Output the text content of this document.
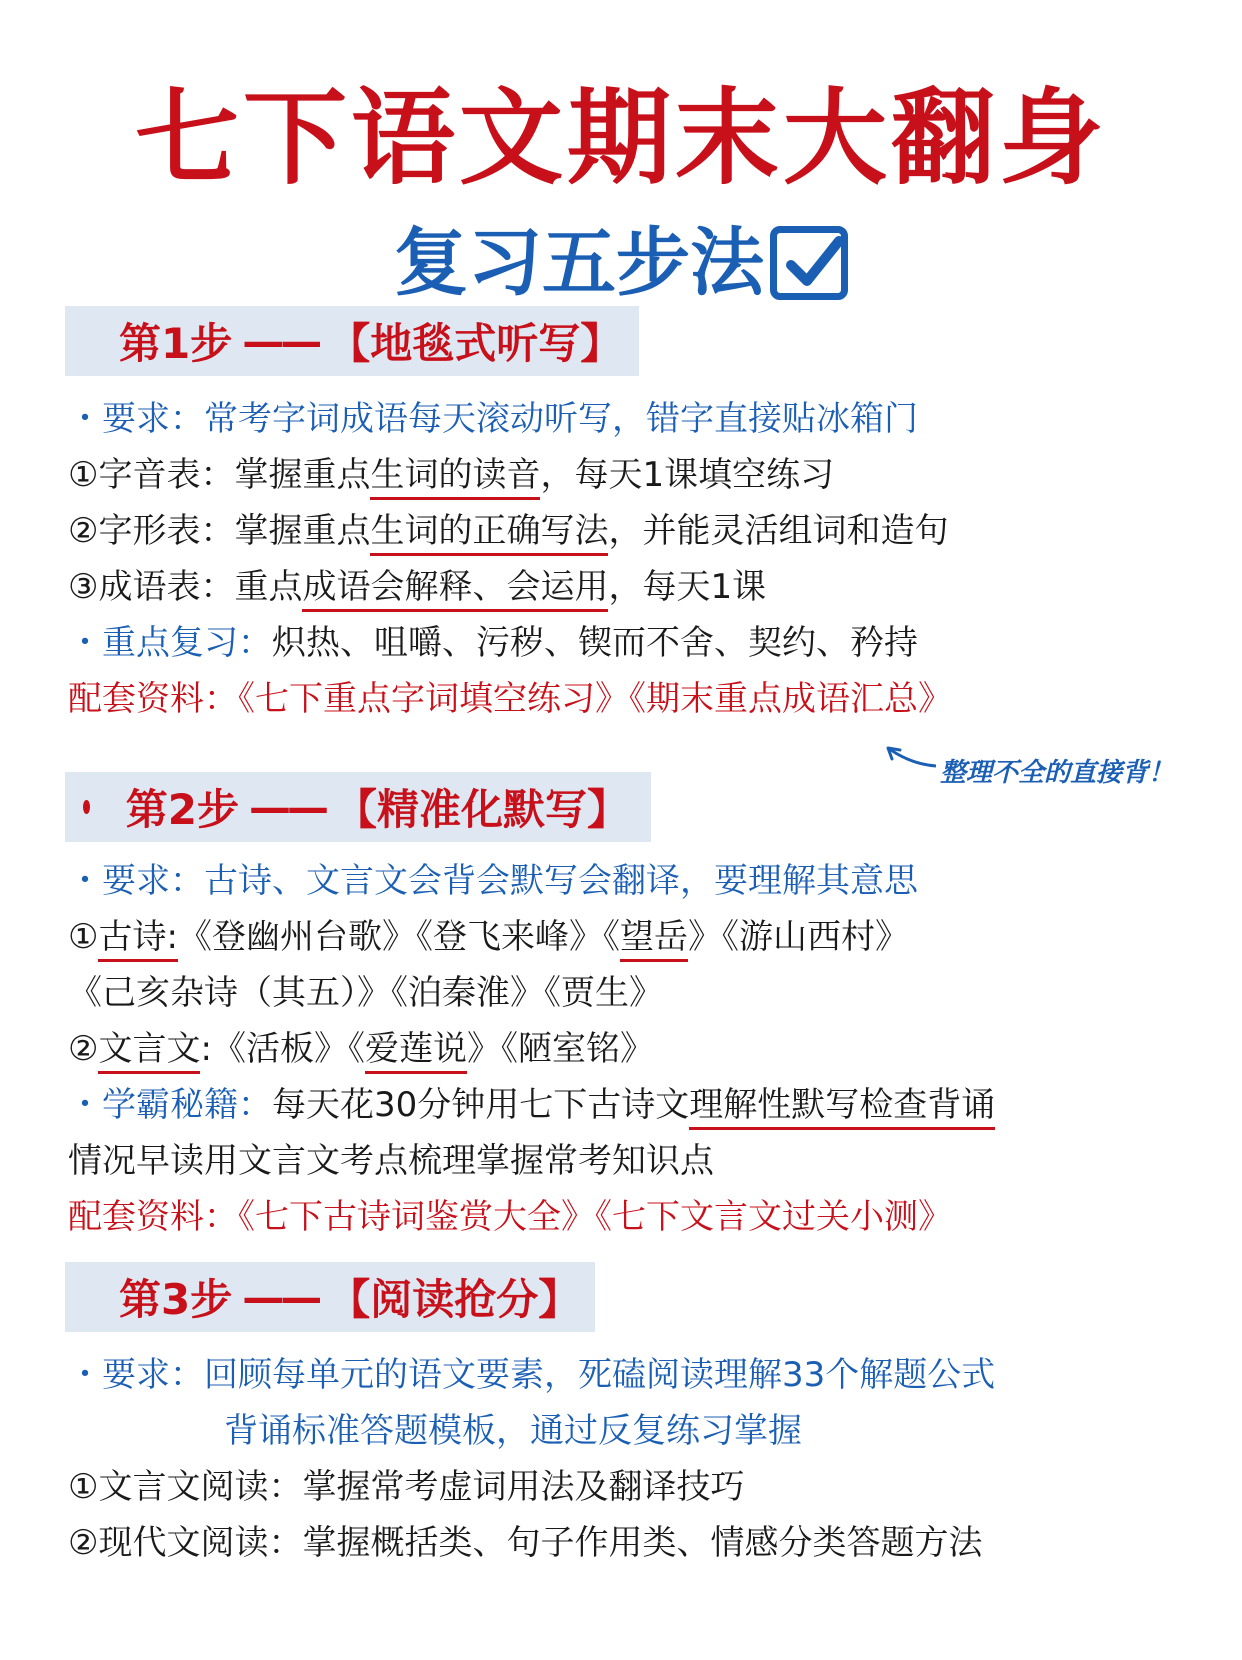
七下语文期末大翻身
复习五步法
第1步 —— 【地毯式听写】
・要求：常考字词成语每天滚动听写，错字直接贴冰箱门
①字音表：掌握重点生词的读音，每天1课填空练习
②字形表：掌握重点生词的正确写法，并能灵活组词和造句
③成语表：重点成语会解释、会运用，每天1课
・重点复习：炽热、咀嚼、污秽、锲而不舍、契约、矜持
配套资料：《七下重点字词填空练习》《期末重点成语汇总》
整理不全的直接背！
第2步 —— 【精准化默写】
・要求：古诗、文言文会背会默写会翻译，要理解其意思
①古诗:《登幽州台歌》《登飞来峰》《望岳》《游山西村》
《己亥杂诗（其五）》《泊秦淮》《贾生》
②文言文:《活板》《爱莲说》《陋室铭》
・学霸秘籍：每天花30分钟用七下古诗文理解性默写检查背诵
情况早读用文言文考点梳理掌握常考知识点
配套资料：《七下古诗词鉴赏大全》《七下文言文过关小测》
第3步 —— 【阅读抢分】
・要求：回顾每单元的语文要素，死磕阅读理解33个解题公式
背诵标准答题模板，通过反复练习掌握
①文言文阅读：掌握常考虚词用法及翻译技巧
②现代文阅读：掌握概括类、句子作用类、情感分类答题方法
